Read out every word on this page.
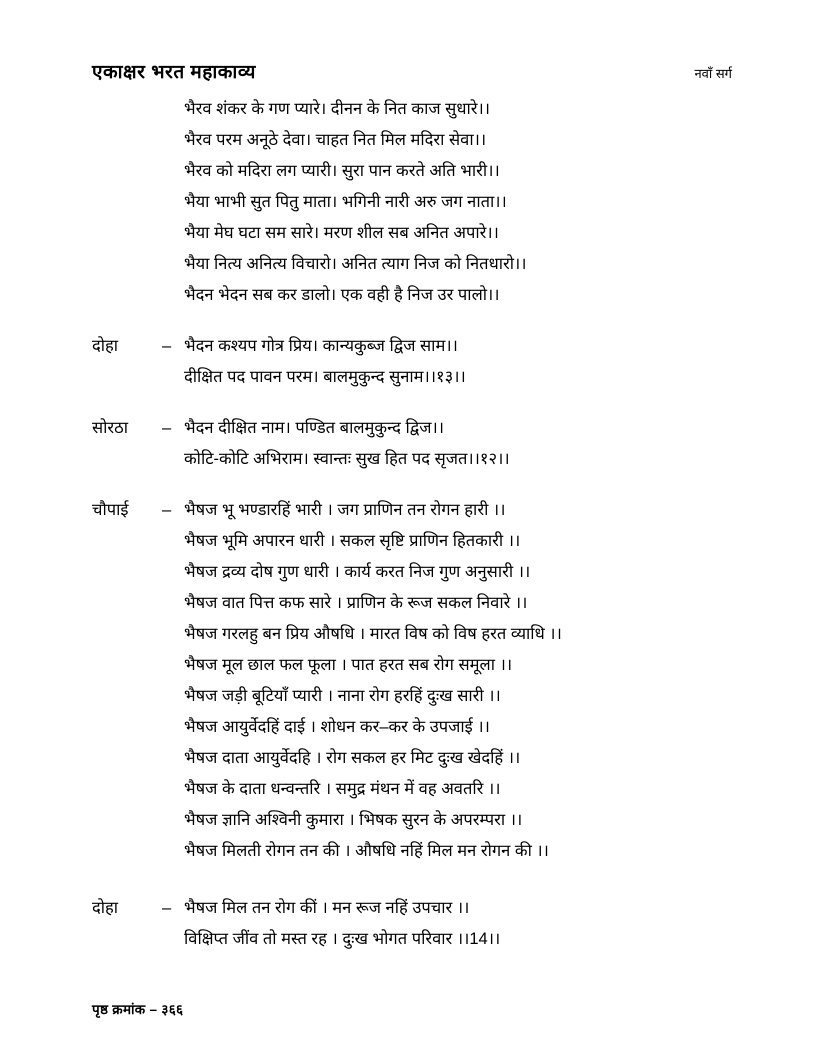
एकाक्षर भरत महाकाव्य	नवाँ सर्ग
भैरव शंकर के गण प्यारे। दीनन के नित काज सुधारे।।
भैरव परम अनूठे देवा। चाहत नित मिल मदिरा सेवा।।
भैरव को मदिरा लग प्यारी। सुरा पान करते अति भारी।।
भैया भाभी सुत पितु माता। भगिनी नारी अरु जग नाता।।
भैया मेघ घटा सम सारे। मरण शील सब अनित अपारे।।
भैया नित्य अनित्य विचारो। अनित त्याग निज को नितधारो।।
भैदन भेदन सब कर डालो। एक वही है निज उर पालो।।
दोहा	– भैदन कश्यप गोत्र प्रिय। कान्यकुब्ज द्विज साम।।
दीक्षित पद पावन परम। बालमुकुन्द सुनाम।।१३।।
सोरठा	– भैदन दीक्षित नाम। पण्डित बालमुकुन्द द्विज।।
कोटि-कोटि अभिराम। स्वान्तः सुख हित पद सृजत।।१२।।
चौपाई	– भैषज भू भण्डारहिं भारी । जग प्राणिन तन रोगन हारी ।।
भैषज भूमि अपारन धारी । सकल सृष्टि प्राणिन हितकारी ।।
भैषज द्रव्य दोष गुण धारी । कार्य करत निज गुण अनुसारी ।।
भैषज वात पित्त कफ सारे । प्राणिन के रूज सकल निवारे ।।
भैषज गरलहु बन प्रिय औषधि । मारत विष को विष हरत व्याधि ।।
भैषज मूल छाल फल फूला । पात हरत सब रोग समूला ।।
भैषज जड़ी बूटियाँ प्यारी । नाना रोग हरहिं दुःख सारी ।।
भैषज आयुर्वेदहिं दाई । शोधन कर–कर के उपजाई ।।
भैषज दाता आयुर्वेदहि । रोग सकल हर मिट दुःख खेदहिं ।।
भैषज के दाता धन्वन्तरि । समुद्र मंथन में वह अवतरि ।।
भैषज ज्ञानि अश्विनी कुमारा । भिषक सुरन के अपरम्परा ।।
भैषज मिलती रोगन तन की । औषधि नहिं मिल मन रोगन की ।।
दोहा	– भैषज मिल तन रोग कीं । मन रूज नहिं उपचार ।।
विक्षिप्त जींव तो मस्त रह । दुःख भोगत परिवार ।।14।।
पृष्ठ क्रमांक – ३६६
